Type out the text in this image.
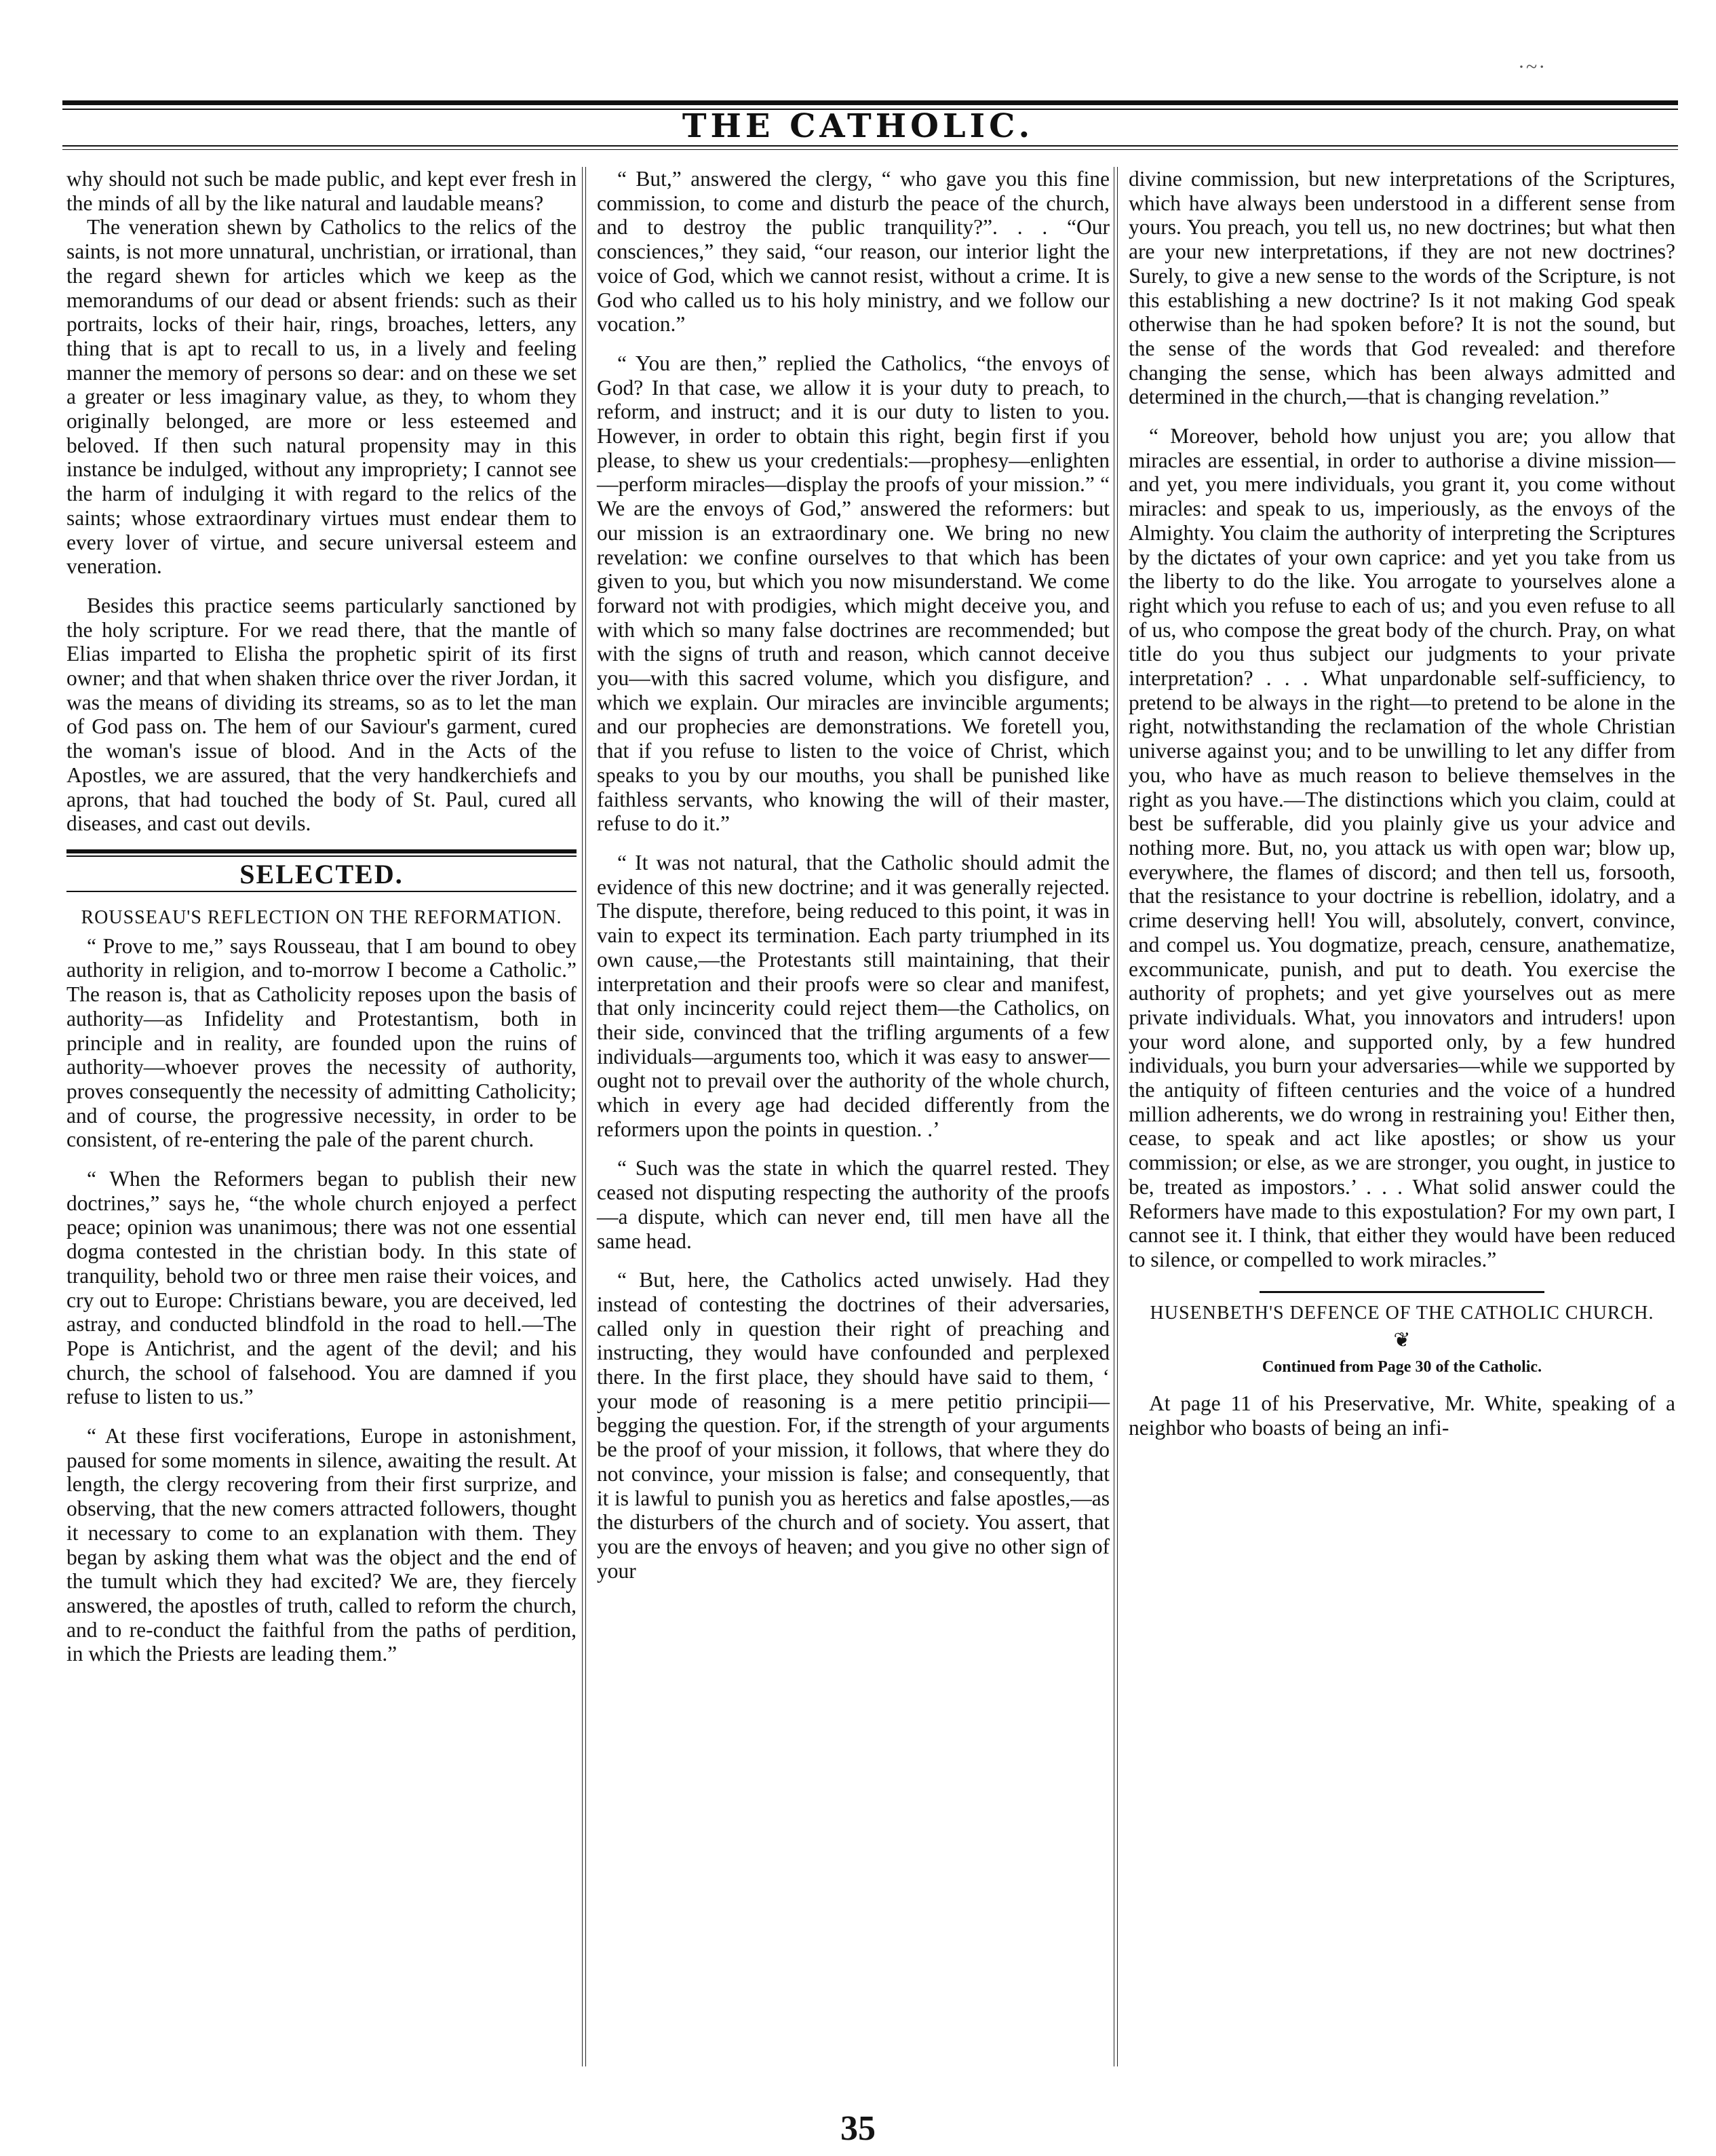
·~·
THE CATHOLIC.

why should not such be made public, and kept ever fresh in the minds of all by the like natural and laudable means?

The veneration shewn by Catholics to the relics of the saints, is not more unnatural, unchristian, or irrational, than the regard shewn for articles which we keep as the memorandums of our dead or absent friends: such as their portraits, locks of their hair, rings, broaches, letters, any thing that is apt to recall to us, in a lively and feeling manner the memory of persons so dear: and on these we set a greater or less imaginary value, as they, to whom they originally belonged, are more or less esteemed and beloved. If then such natural propensity may in this instance be indulged, without any impropriety; I cannot see the harm of indulging it with regard to the relics of the saints; whose extraordinary virtues must endear them to every lover of virtue, and secure universal esteem and veneration.

Besides this practice seems particularly sanctioned by the holy scripture. For we read there, that the mantle of Elias imparted to Elisha the prophetic spirit of its first owner; and that when shaken thrice over the river Jordan, it was the means of dividing its streams, so as to let the man of God pass on. The hem of our Saviour's garment, cured the woman's issue of blood. And in the Acts of the Apostles, we are assured, that the very handkerchiefs and aprons, that had touched the body of St. Paul, cured all diseases, and cast out devils.

SELECTED.
ROUSSEAU'S REFLECTION ON THE REFORMATION.

“ Prove to me,” says Rousseau, that I am bound to obey authority in religion, and to-morrow I become a Catholic.” The reason is, that as Catholicity reposes upon the basis of authority—as Infidelity and Protestantism, both in principle and in reality, are founded upon the ruins of authority—whoever proves the necessity of authority, proves consequently the necessity of admitting Catholicity; and of course, the progressive necessity, in order to be consistent, of re-entering the pale of the parent church.

“ When the Reformers began to publish their new doctrines,” says he, “the whole church enjoyed a perfect peace; opinion was unanimous; there was not one essential dogma contested in the christian body. In this state of tranquility, behold two or three men raise their voices, and cry out to Europe: Christians beware, you are deceived, led astray, and conducted blindfold in the road to hell.—The Pope is Antichrist, and the agent of the devil; and his church, the school of falsehood. You are damned if you refuse to listen to us.”

“ At these first vociferations, Europe in astonishment, paused for some moments in silence, awaiting the result. At length, the clergy recovering from their first surprize, and observing, that the new comers attracted followers, thought it necessary to come to an explanation with them. They began by asking them what was the object and the end of the tumult which they had excited? We are, they fiercely answered, the apostles of truth, called to reform the church, and to re-conduct the faithful from the paths of perdition, in which the Priests are leading them.”

“ But,” answered the clergy, “ who gave you this fine commission, to come and disturb the peace of the church, and to destroy the public tranquility?”. . . “Our consciences,” they said, “our reason, our interior light the voice of God, which we cannot resist, without a crime. It is God who called us to his holy ministry, and we follow our vocation.”

“ You are then,” replied the Catholics, “the envoys of God? In that case, we allow it is your duty to preach, to reform, and instruct; and it is our duty to listen to you. However, in order to obtain this right, begin first if you please, to shew us your credentials:—prophesy—enlighten—perform miracles—display the proofs of your mission.” “ We are the envoys of God,” answered the reformers: but our mission is an extraordinary one. We bring no new revelation: we confine ourselves to that which has been given to you, but which you now misunderstand. We come forward not with prodigies, which might deceive you, and with which so many false doctrines are recommended; but with the signs of truth and reason, which cannot deceive you—with this sacred volume, which you disfigure, and which we explain. Our miracles are invincible arguments; and our prophecies are demonstrations. We foretell you, that if you refuse to listen to the voice of Christ, which speaks to you by our mouths, you shall be punished like faithless servants, who knowing the will of their master, refuse to do it.”

“ It was not natural, that the Catholic should admit the evidence of this new doctrine; and it was generally rejected. The dispute, therefore, being reduced to this point, it was in vain to expect its termination. Each party triumphed in its own cause,—the Protestants still maintaining, that their interpretation and their proofs were so clear and manifest, that only incincerity could reject them—the Catholics, on their side, convinced that the trifling arguments of a few individuals—arguments too, which it was easy to answer—ought not to prevail over the authority of the whole church, which in every age had decided differently from the reformers upon the points in question. .’

“ Such was the state in which the quarrel rested. They ceased not disputing respecting the authority of the proofs—a dispute, which can never end, till men have all the same head.

“ But, here, the Catholics acted unwisely. Had they instead of contesting the doctrines of their adversaries, called only in question their right of preaching and instructing, they would have confounded and perplexed there. In the first place, they should have said to them, ‘ your mode of reasoning is a mere petitio principii—begging the question. For, if the strength of your arguments be the proof of your mission, it follows, that where they do not convince, your mission is false; and consequently, that it is lawful to punish you as heretics and false apostles,—as the disturbers of the church and of society. You assert, that you are the envoys of heaven; and you give no other sign of your

divine commission, but new interpretations of the Scriptures, which have always been understood in a different sense from yours. You preach, you tell us, no new doctrines; but what then are your new interpretations, if they are not new doctrines? Surely, to give a new sense to the words of the Scripture, is not this establishing a new doctrine? Is it not making God speak otherwise than he had spoken before? It is not the sound, but the sense of the words that God revealed: and therefore changing the sense, which has been always admitted and determined in the church,—that is changing revelation.”

“ Moreover, behold how unjust you are; you allow that miracles are essential, in order to authorise a divine mission—and yet, you mere individuals, you grant it, you come without miracles: and speak to us, imperiously, as the envoys of the Almighty. You claim the authority of interpreting the Scriptures by the dictates of your own caprice: and yet you take from us the liberty to do the like. You arrogate to yourselves alone a right which you refuse to each of us; and you even refuse to all of us, who compose the great body of the church. Pray, on what title do you thus subject our judgments to your private interpretation? . . . What unpardonable self-sufficiency, to pretend to be always in the right—to pretend to be alone in the right, notwithstanding the reclamation of the whole Christian universe against you; and to be unwilling to let any differ from you, who have as much reason to believe themselves in the right as you have.—The distinctions which you claim, could at best be sufferable, did you plainly give us your advice and nothing more. But, no, you attack us with open war; blow up, everywhere, the flames of discord; and then tell us, forsooth, that the resistance to your doctrine is rebellion, idolatry, and a crime deserving hell! You will, absolutely, convert, convince, and compel us. You dogmatize, preach, censure, anathematize, excommunicate, punish, and put to death. You exercise the authority of prophets; and yet give yourselves out as mere private individuals. What, you innovators and intruders! upon your word alone, and supported only, by a few hundred individuals, you burn your adversaries—while we supported by the antiquity of fifteen centuries and the voice of a hundred million adherents, we do wrong in restraining you! Either then, cease, to speak and act like apostles; or show us your commission; or else, as we are stronger, you ought, in justice to be, treated as impostors.’ . . . What solid answer could the Reformers have made to this expostulation? For my own part, I cannot see it. I think, that either they would have been reduced to silence, or compelled to work miracles.”

HUSENBETH'S DEFENCE OF THE CATHOLIC CHURCH.
❦
Continued from Page 30 of the Catholic.

At page 11 of his Preservative, Mr. White, speaking of a neighbor who boasts of being an infi-

35
